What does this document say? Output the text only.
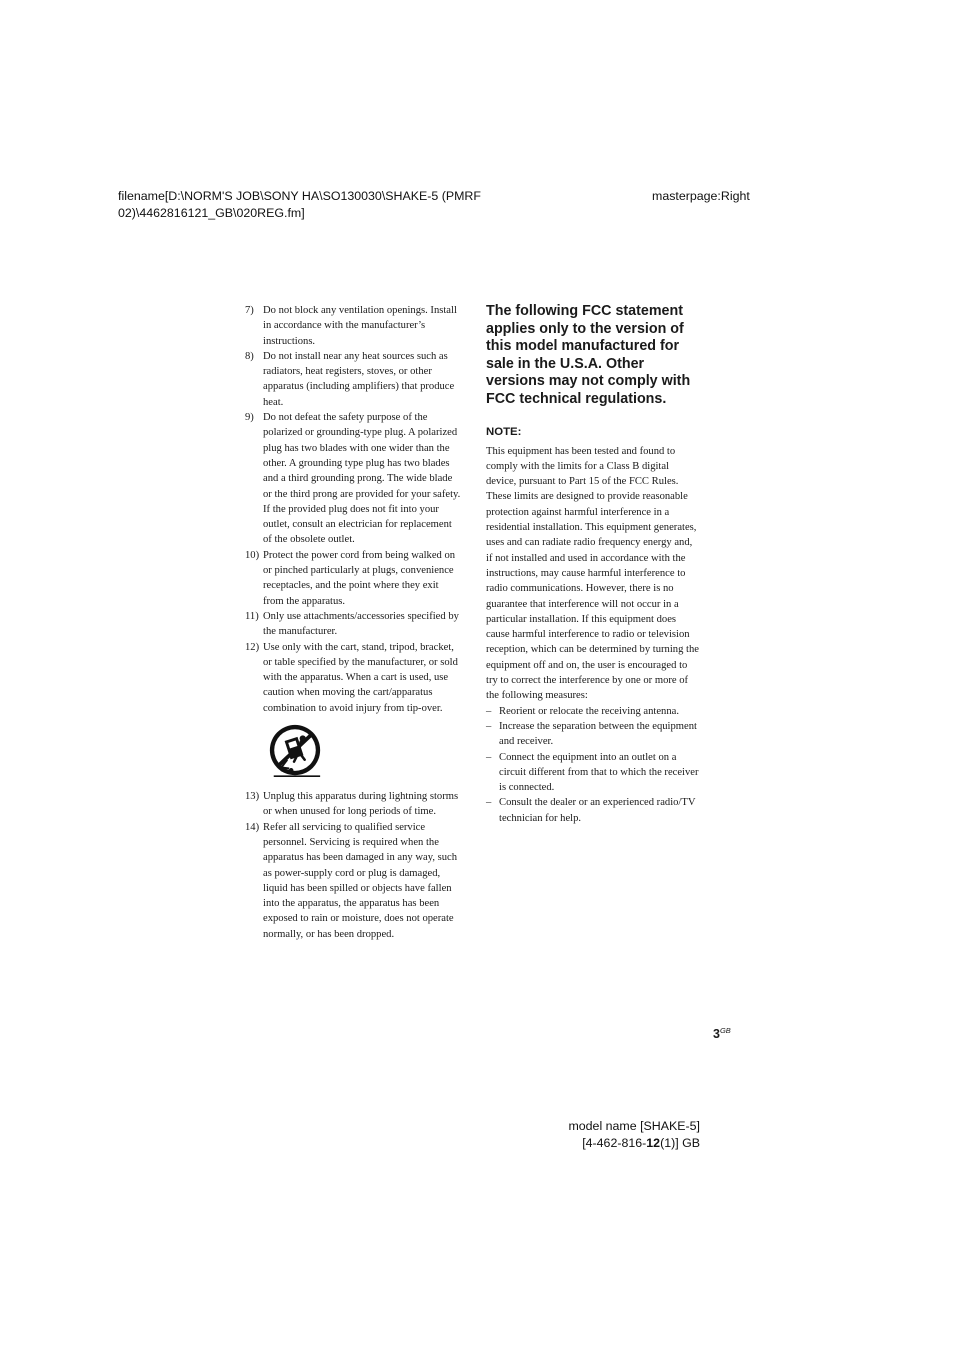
filename[D:\NORM'S JOB\SONY HA\SO130030\SHAKE-5 (PMRF
02)\4462816121_GB\020REG.fm]
masterpage:Right
7) Do not block any ventilation openings. Install in accordance with the manufacturer’s instructions.
8) Do not install near any heat sources such as radiators, heat registers, stoves, or other apparatus (including amplifiers) that produce heat.
9) Do not defeat the safety purpose of the polarized or grounding-type plug. A polarized plug has two blades with one wider than the other. A grounding type plug has two blades and a third grounding prong. The wide blade or the third prong are provided for your safety. If the provided plug does not fit into your outlet, consult an electrician for replacement of the obsolete outlet.
10) Protect the power cord from being walked on or pinched particularly at plugs, convenience receptacles, and the point where they exit from the apparatus.
11) Only use attachments/accessories specified by the manufacturer.
12) Use only with the cart, stand, tripod, bracket, or table specified by the manufacturer, or sold with the apparatus. When a cart is used, use caution when moving the cart/apparatus combination to avoid injury from tip-over.
13) Unplug this apparatus during lightning storms or when unused for long periods of time.
14) Refer all servicing to qualified service personnel. Servicing is required when the apparatus has been damaged in any way, such as power-supply cord or plug is damaged, liquid has been spilled or objects have fallen into the apparatus, the apparatus has been exposed to rain or moisture, does not operate normally, or has been dropped.

The following FCC statement applies only to the version of this model manufactured for sale in the U.S.A. Other versions may not comply with FCC technical regulations.

NOTE:

This equipment has been tested and found to comply with the limits for a Class B digital device, pursuant to Part 15 of the FCC Rules. These limits are designed to provide reasonable protection against harmful interference in a residential installation. This equipment generates, uses and can radiate radio frequency energy and, if not installed and used in accordance with the instructions, may cause harmful interference to radio communications. However, there is no guarantee that interference will not occur in a particular installation. If this equipment does cause harmful interference to radio or television reception, which can be determined by turning the equipment off and on, the user is encouraged to try to correct the interference by one or more of the following measures:

– Reorient or relocate the receiving antenna.
– Increase the separation between the equipment and receiver.
– Connect the equipment into an outlet on a circuit different from that to which the receiver is connected.
– Consult the dealer or an experienced radio/TV technician for help.
$3^{GB}$
model name [SHAKE-5]
[4-462-816-12(1)] GB
